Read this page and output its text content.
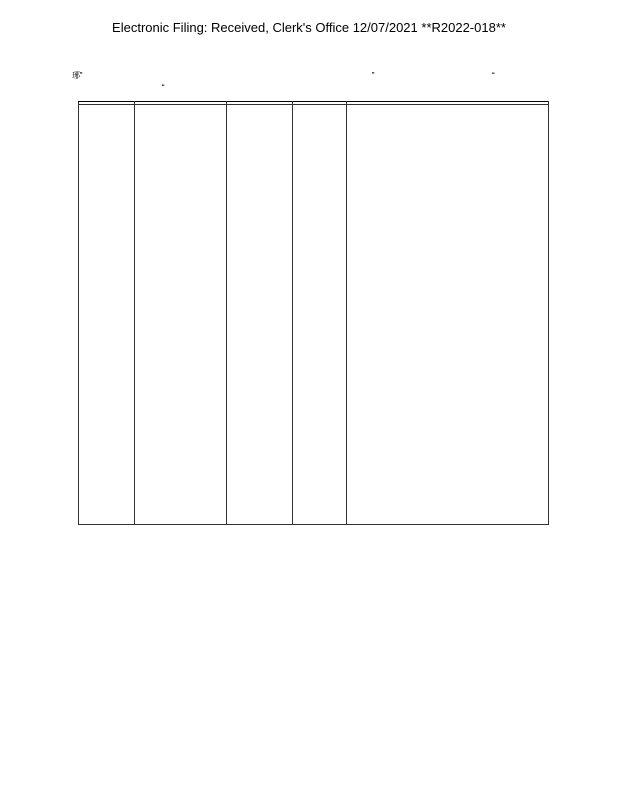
Electronic Filing: Received, Clerk's Office 12/07/2021 **R2022-018**
琊   
   
    
